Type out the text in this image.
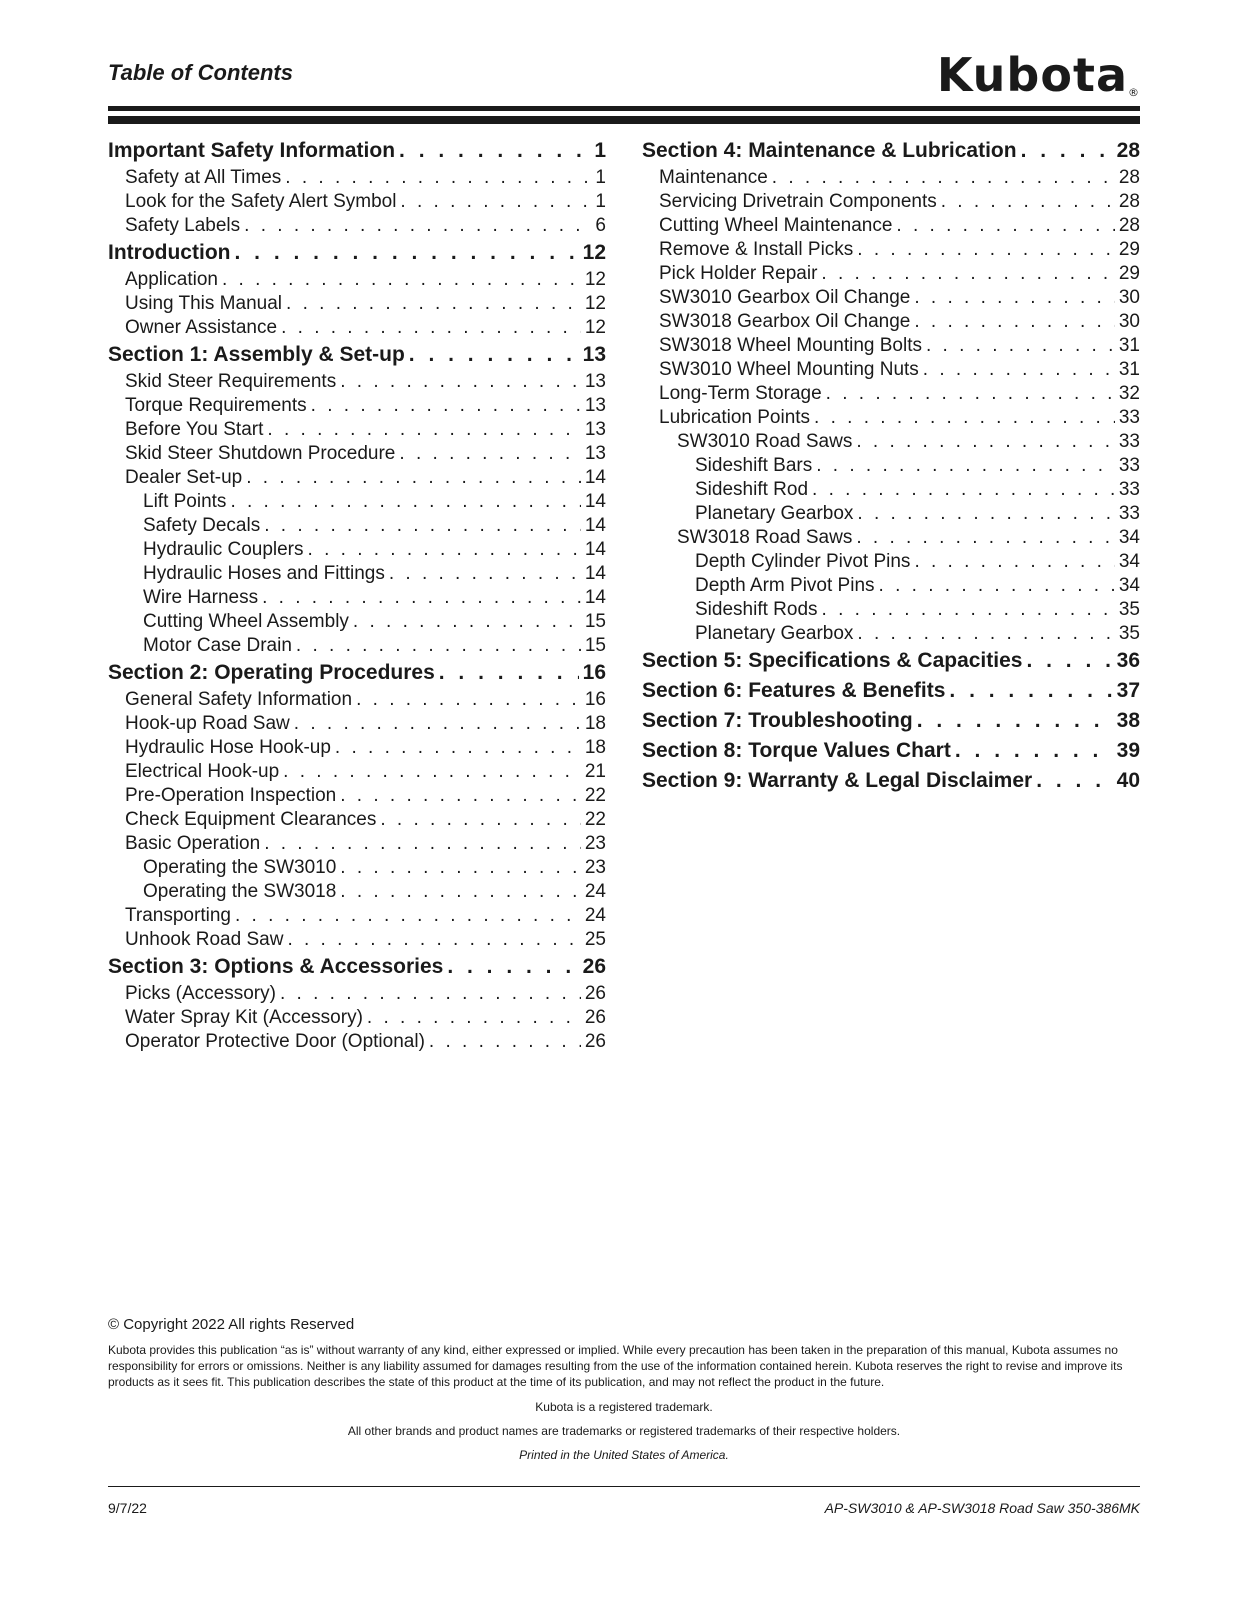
Table of Contents	Kubota®
Important Safety Information . . .	1
Safety at All Times . . .	1
Look for the Safety Alert Symbol . . .	1
Safety Labels . . .	6
Introduction . . .	12
Application . . .	12
Using This Manual . . .	12
Owner Assistance . . .	12
Section 1: Assembly & Set-up . . .	13
Skid Steer Requirements . . .	13
Torque Requirements . . .	13
Before You Start . . .	13
Skid Steer Shutdown Procedure . . .	13
Dealer Set-up . . .	14
Lift Points . . .	14
Safety Decals . . .	14
Hydraulic Couplers . . .	14
Hydraulic Hoses and Fittings . . .	14
Wire Harness . . .	14
Cutting Wheel Assembly . . .	15
Motor Case Drain . . .	15
Section 2: Operating Procedures . . .	16
General Safety Information . . .	16
Hook-up Road Saw . . .	18
Hydraulic Hose Hook-up . . .	18
Electrical Hook-up . . .	21
Pre-Operation Inspection . . .	22
Check Equipment Clearances . . .	22
Basic Operation . . .	23
Operating the SW3010 . . .	23
Operating the SW3018 . . .	24
Transporting . . .	24
Unhook Road Saw . . .	25
Section 3: Options & Accessories . . .	26
Picks (Accessory) . . .	26
Water Spray Kit (Accessory) . . .	26
Operator Protective Door (Optional) . . .	26
Section 4: Maintenance & Lubrication . . .	28
Maintenance . . .	28
Servicing Drivetrain Components . . .	28
Cutting Wheel Maintenance . . .	28
Remove & Install Picks . . .	29
Pick Holder Repair . . .	29
SW3010 Gearbox Oil Change . . .	30
SW3018 Gearbox Oil Change . . .	30
SW3018 Wheel Mounting Bolts . . .	31
SW3010 Wheel Mounting Nuts . . .	31
Long-Term Storage . . .	32
Lubrication Points . . .	33
SW3010 Road Saws . . .	33
Sideshift Bars . . .	33
Sideshift Rod . . .	33
Planetary Gearbox . . .	33
SW3018 Road Saws . . .	34
Depth Cylinder Pivot Pins . . .	34
Depth Arm Pivot Pins . . .	34
Sideshift Rods . . .	35
Planetary Gearbox . . .	35
Section 5: Specifications & Capacities . . .	36
Section 6: Features & Benefits . . .	37
Section 7: Troubleshooting . . .	38
Section 8: Torque Values Chart . . .	39
Section 9: Warranty & Legal Disclaimer . . .	40
© Copyright 2022 All rights Reserved
Kubota provides this publication “as is” without warranty of any kind, either expressed or implied. While every precaution has been taken in the preparation of this manual, Kubota assumes no responsibility for errors or omissions. Neither is any liability assumed for damages resulting from the use of the information contained herein. Kubota reserves the right to revise and improve its products as it sees fit. This publication describes the state of this product at the time of its publication, and may not reflect the product in the future.
Kubota is a registered trademark.
All other brands and product names are trademarks or registered trademarks of their respective holders.
Printed in the United States of America.
9/7/22	AP-SW3010 & AP-SW3018 Road Saw 350-386MK
